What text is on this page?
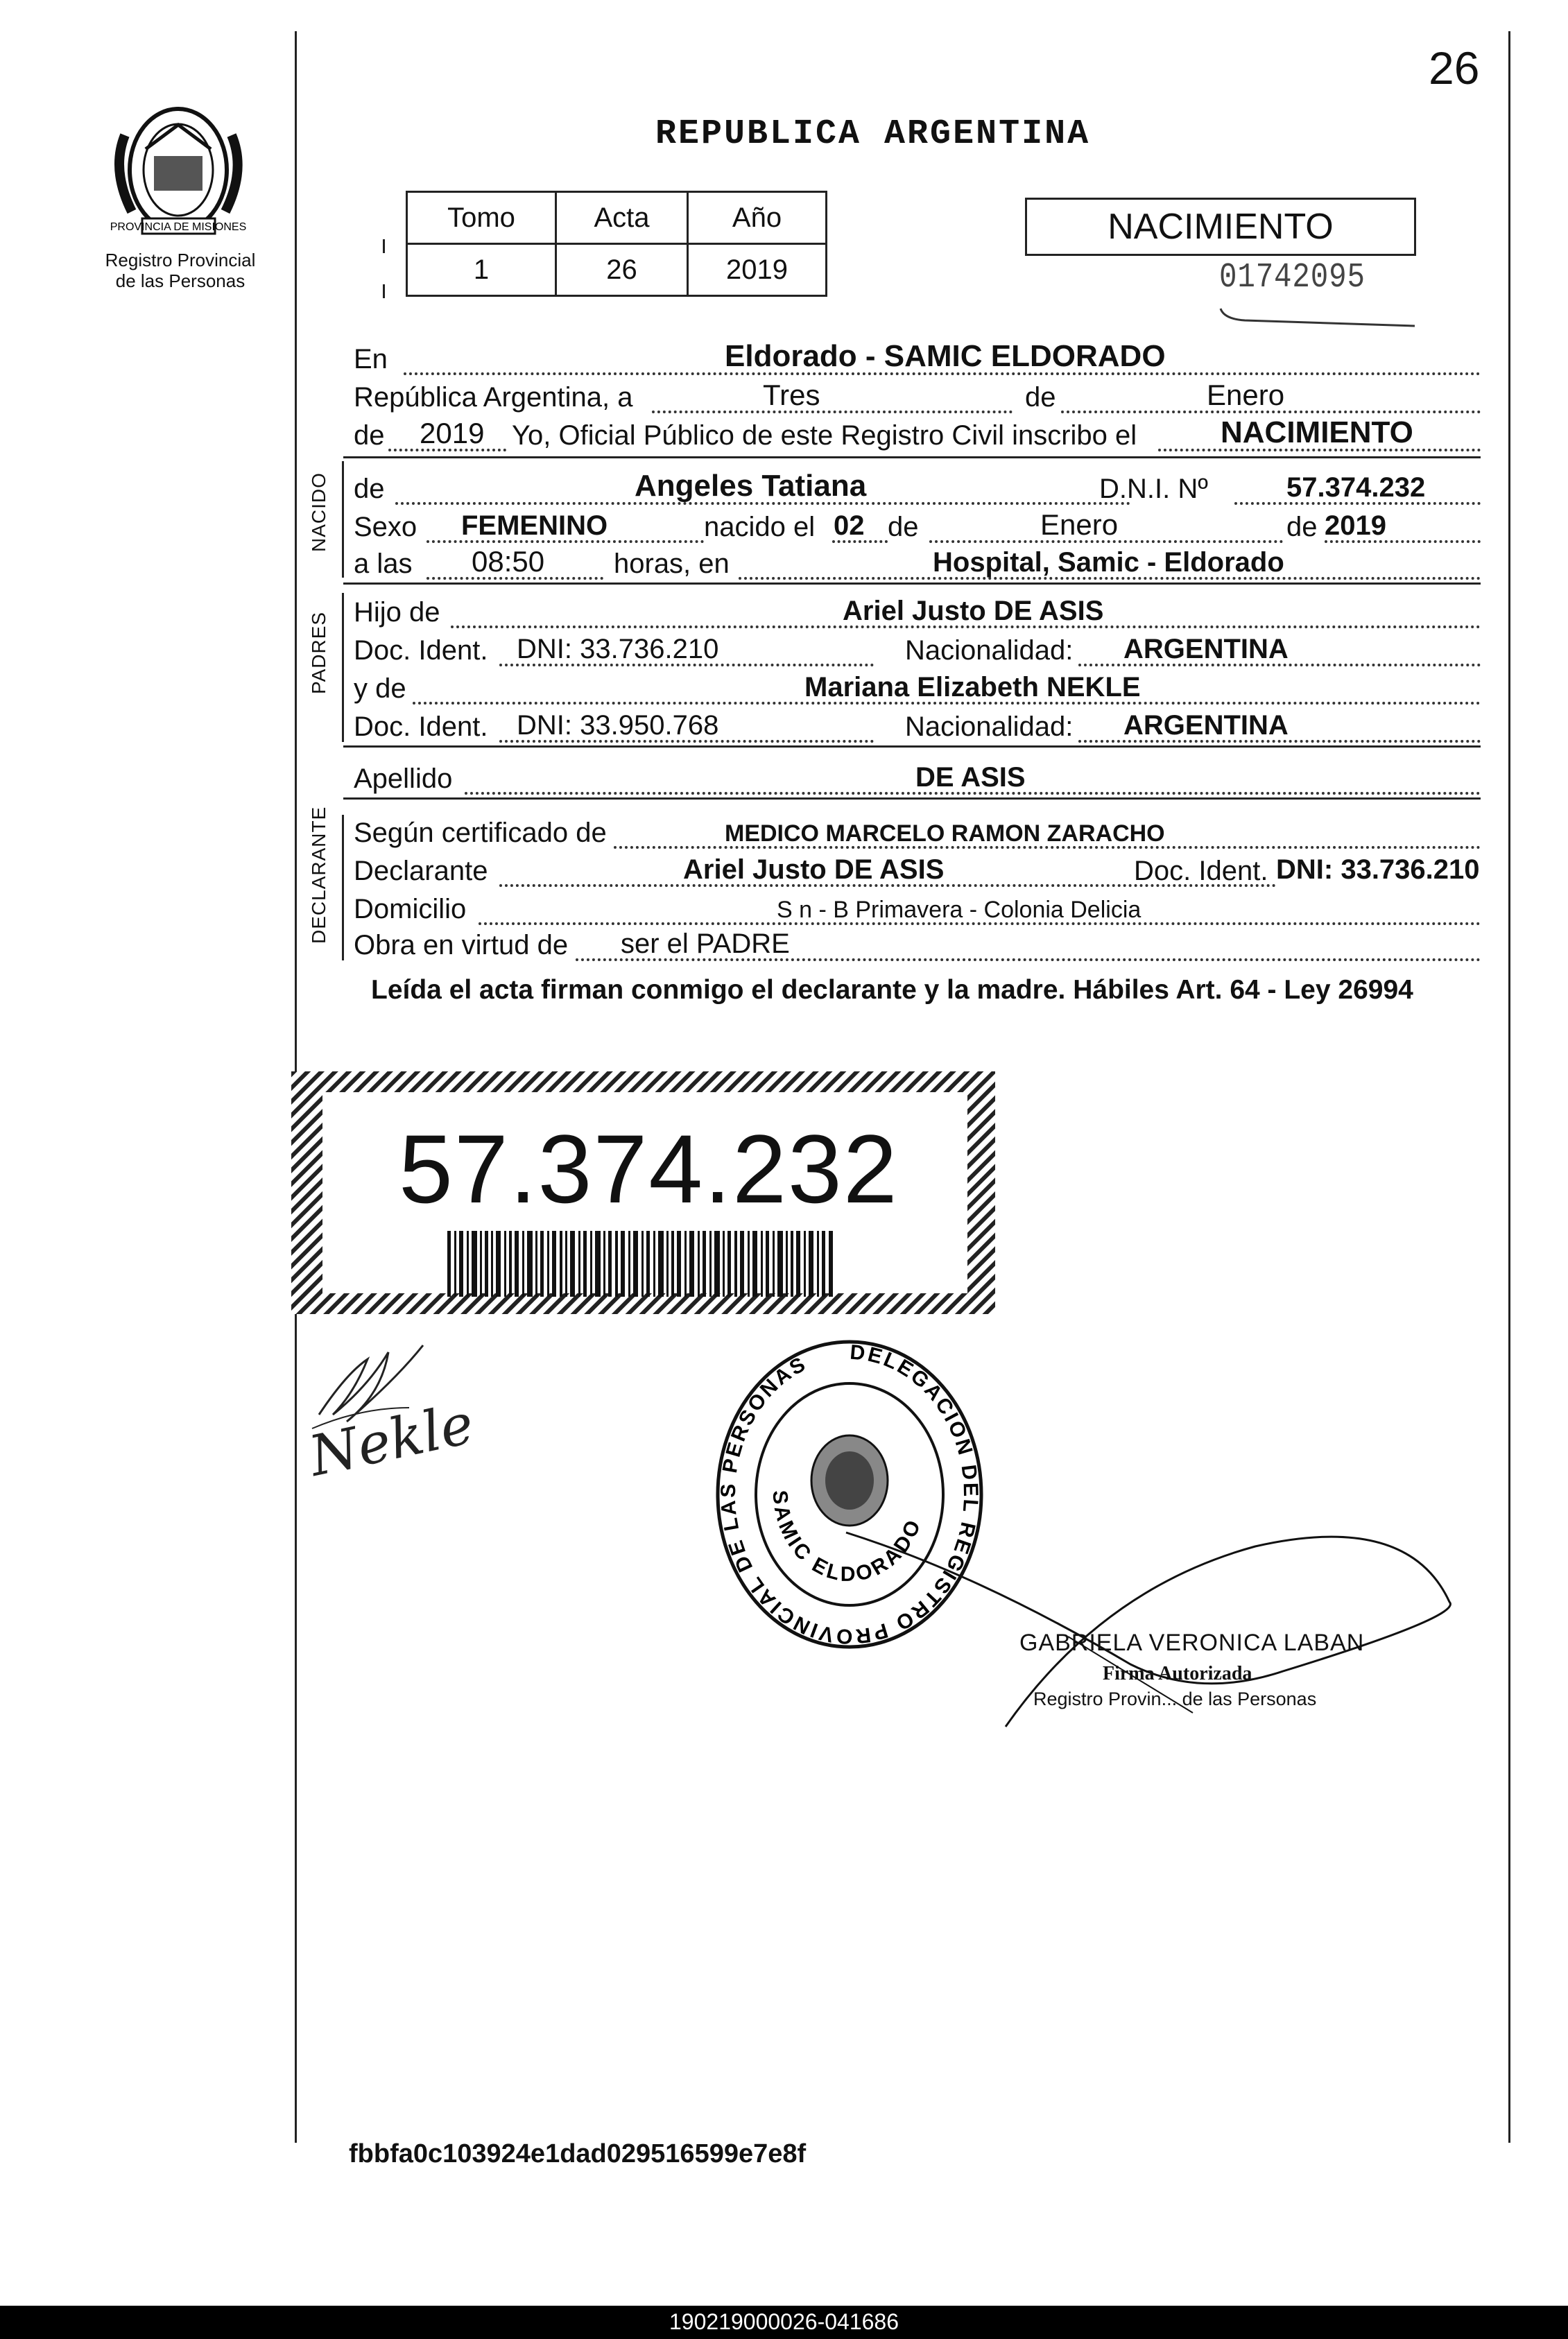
26
PROVINCIA DE MISIONES
Registro Provincial
de las Personas
REPUBLICA ARGENTINA
Tomo	Acta	Año
1	26	2019
NACIMIENTO
01742095
En	Eldorado - SAMIC ELDORADO
República Argentina, a	Tres	de	Enero
de 2019 Yo, Oficial Público de este Registro Civil inscribo el	NACIMIENTO
NACIDO de	Angeles Tatiana	D.N.I. Nº	57.374.232
Sexo FEMENINO	nacido el 02 de	Enero	de 2019
a las 08:50 horas, en	Hospital, Samic - Eldorado
PADRES Hijo de	Ariel Justo DE ASIS
Doc. Ident. DNI: 33.736.210	Nacionalidad: ARGENTINA
y de	Mariana Elizabeth NEKLE
Doc. Ident. DNI: 33.950.768	Nacionalidad: ARGENTINA
Apellido	DE ASIS
DECLARANTE Según certificado de	MEDICO MARCELO RAMON ZARACHO
Declarante	Ariel Justo DE ASIS	Doc. Ident. DNI: 33.736.210
Domicilio	S n - B Primavera - Colonia Delicia
Obra en virtud de ser el PADRE
Leída el acta firman conmigo el declarante y la madre. Hábiles Art. 64 - Ley 26994
57.374.232
Nekle
DELEGACION DEL REGISTRO PROVINCIAL DE LAS PERSONAS
SAMIC ELDORADO
GABRIELA VERONICA LABAN
Firma Autorizada
Registro Provin... de las Personas
fbbfa0c103924e1dad029516599e7e8f
190219000026-041686
